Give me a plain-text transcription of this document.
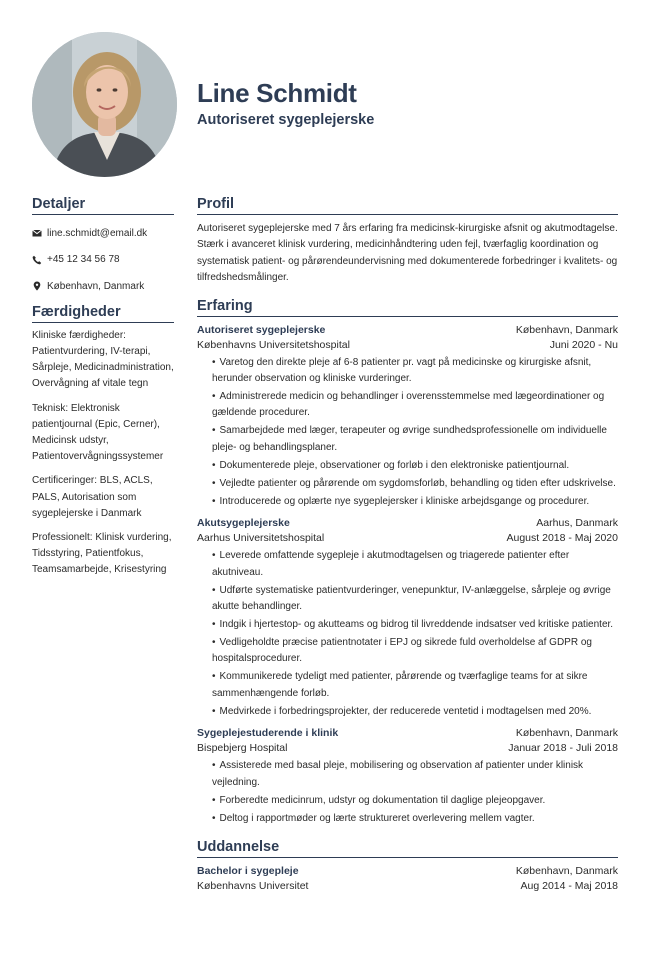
Line Schmidt
Autoriseret sygeplejerske
Detaljer
line.schmidt@email.dk
+45 12 34 56 78
København, Danmark
Færdigheder

Kliniske færdigheder: Patientvurdering, IV-terapi, Sårpleje, Medicinadministration, Overvågning af vitale tegn

Teknisk: Elektronisk patientjournal (Epic, Cerner), Medicinsk udstyr, Patientovervågningssystemer

Certificeringer: BLS, ACLS, PALS, Autorisation som sygeplejerske i Danmark

Professionelt: Klinisk vurdering, Tidsstyring, Patientfokus, Teamsamarbejde, Krisestyring

Profil

Autoriseret sygeplejerske med 7 års erfaring fra medicinsk-kirurgiske afsnit og akutmodtagelse. Stærk i avanceret klinisk vurdering, medicinhåndtering uden fejl, tværfaglig koordination og systematisk patient- og pårørendeundervisning med dokumenterede forbedringer i kvalitets- og tilfredshedsmålinger.

Erfaring
Autoriseret sygeplejerske	København, Danmark
Københavns Universitetshospital	Juni 2020 - Nu
• Varetog den direkte pleje af 6-8 patienter pr. vagt på medicinske og kirurgiske afsnit, herunder observation og kliniske vurderinger.
• Administrerede medicin og behandlinger i overensstemmelse med lægeordinationer og gældende procedurer.
• Samarbejdede med læger, terapeuter og øvrige sundhedsprofessionelle om individuelle pleje- og behandlingsplaner.
• Dokumenterede pleje, observationer og forløb i den elektroniske patientjournal.
• Vejledte patienter og pårørende om sygdomsforløb, behandling og tiden efter udskrivelse.
• Introducerede og oplærte nye sygeplejersker i kliniske arbejdsgange og procedurer.
Akutsygeplejerske	Aarhus, Danmark
Aarhus Universitetshospital	August 2018 - Maj 2020
• Leverede omfattende sygepleje i akutmodtagelsen og triagerede patienter efter akutniveau.
• Udførte systematiske patientvurderinger, venepunktur, IV-anlæggelse, sårpleje og øvrige akutte behandlinger.
• Indgik i hjertestop- og akutteams og bidrog til livreddende indsatser ved kritiske patienter.
• Vedligeholdte præcise patientnotater i EPJ og sikrede fuld overholdelse af GDPR og hospitalsprocedurer.
• Kommunikerede tydeligt med patienter, pårørende og tværfaglige teams for at sikre sammenhængende forløb.
• Medvirkede i forbedringsprojekter, der reducerede ventetid i modtagelsen med 20%.
Sygeplejestuderende i klinik	København, Danmark
Bispebjerg Hospital	Januar 2018 - Juli 2018
• Assisterede med basal pleje, mobilisering og observation af patienter under klinisk vejledning.
• Forberedte medicinrum, udstyr og dokumentation til daglige plejeopgaver.
• Deltog i rapportmøder og lærte struktureret overlevering mellem vagter.
Uddannelse
Bachelor i sygepleje	København, Danmark
Københavns Universitet	Aug 2014 - Maj 2018
